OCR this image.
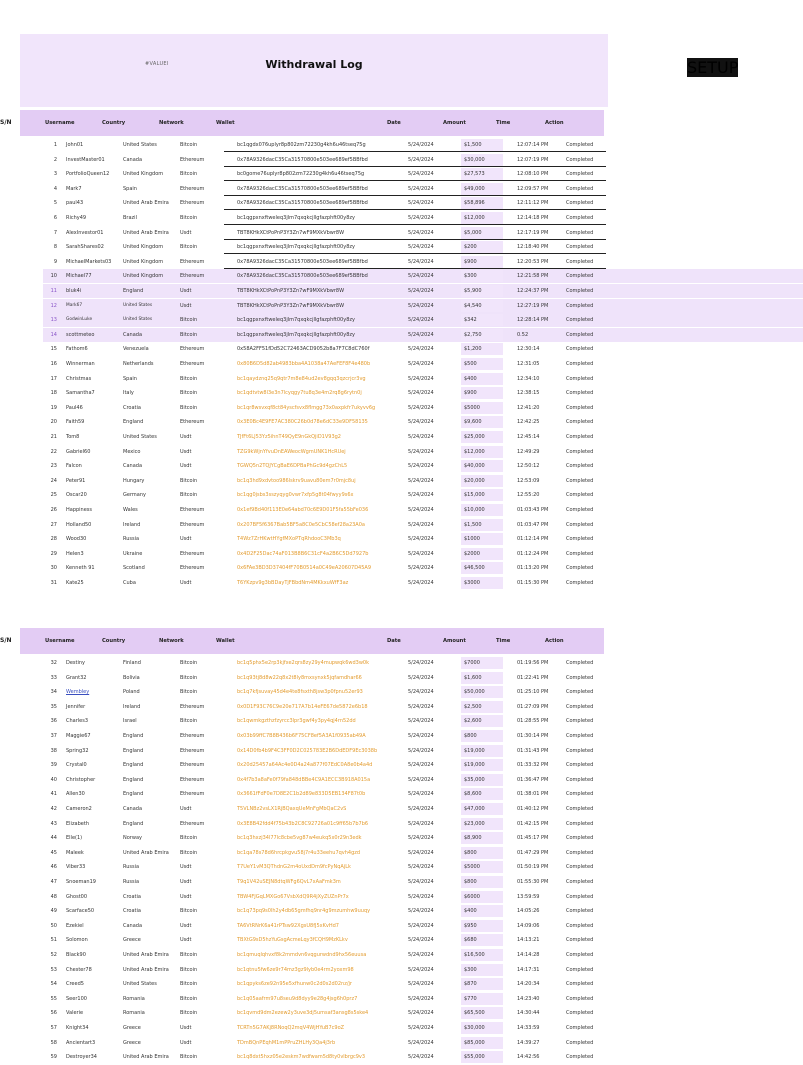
#VALUEI	Withdrawal Log	SETUP
S/N	Username	Country	Network	Wallet	Date	Amount	Time	Action
1 John01	United States	Bitcoin	bc1qgdx076uplyr8p802zm72230g4kh6u46tseq75g	5/24/2024	$1,500	12:07:14 PM	Completed
2 InvestMaster01	Canada	Ethereum	0x78A9326dacC35Ca31570800e503ee689ef5BBfbd	5/24/2024	$30,000	12:07:19 PM	Completed
3 PortfolioQueen12	United Kingdom	Bitcoin	bc0gome76uplyr8p802zm72230g4kh6u46tseq75g	5/24/2024	$27,573	12:08:10 PM	Completed
4 Mark7	Spain	Ethereum	0x78A9326dacC35Ca31570800e503ee689ef5BBfbd	5/24/2024	$49,000	12:09:57 PM	Completed
5 paul43	United Arab Emira	Ethereum	0x78A9326dacC35Ca31570800e503ee689ef5BBfbd	5/24/2024	$58,896	12:11:12 PM	Completed
6 Richy49	Brazil	Bitcoin	bc1qgpxnxftweleq3jlm7qxqkcjllgfazphft00y8zy	5/24/2024	$12,000	12:14:18 PM	Completed
7 AlexInvestor01	United Arab Emira	Usdt	TBT8KHkXCtPoPnP3Y3Zn7wF9MXkVbwr8W	5/24/2024	$5,000	12:17:19 PM	Completed
8 SarahShares02	United Kingdom	Bitcoin	bc1qgpxnxftweleq3jlm7qxqkcjllgfazphft00y8zy	5/24/2024	$200	12:18:40 PM	Completed
9 MichaelMarkets03	United Kingdom	Ethereum	0x78A9326dacC35Ca31570800e503ee689ef5BBfbd	5/24/2024	$900	12:20:53 PM	Completed
10 Michael77	United Kingdom	Ethereum	0x78A9326dacC35Ca31570800e503ee689ef5BBfbd	5/24/2024	$300	12:21:58 PM	Completed
11 bluk4i	England	Usdt	TBT8KHkXCtPoPnP3Y3Zn7wF9MXkVbwr8W	5/24/2024	$5,900	12:24:37 PM	Completed
12 Mark67	United States	Usdt	TBT8KHkXCtPoPnP3Y3Zn7wF9MXkVbwr8W	5/24/2024	$4,540	12:27:19 PM	Completed
13 GodwinLuke	United States	Bitcoin	bc1qgpxnxftweleq3jlm7qxqkcjllgfazphft00y8zy	5/24/2024	$342	12:28:14 PM	Completed
14 scottmeteo	Canada	Bitcoin	bc1qgpxnxftweleq3jlm7qxqkcjllgfazphft00y8zy	5/24/2024	$2,750	0.52	Completed
15 Fathom6	Venezuela	Ethereum	0x58A2FF51fDd52C72463ACD9052b8a7F7C8dC760f	5/24/2024	$1,200	12:30:14	Completed
16 Winnerman	Netherlands	Ethereum	0x80B6D5d82ab4983bba4A1038a47AeFEF8F4e480b	5/24/2024	$500	12:31:05	Completed
17 Christmas	Spain	Bitcoin	bc1qaydznq25q9qtr7m8e84ud2ev8gqq3qzcrjcr3vg	5/24/2024	$400	12:34:10	Completed
18 Samantha7	Italy	Bitcoin	bc1qdtvtw8l3e3n7lcyqgy7tu8q3e4m2rq8g6rytn0j	5/24/2024	$900	12:38:15	Completed
19 Paul46	Croatia	Bitcoin	bc1qr8wsvxqf8ct84yscfsvx8flmgg73x0axpkfr7ukyvv6g	5/24/2024	$5000	12:41:20	Completed
20 Faith59	England	Ethereum	0x3E0Bc4E9FE7AC380C26b0d78e6dC33e9DF58135	5/24/2024	$9,600	12:42:25	Completed
21 Tom8	United States	Usdt	TJfFt6LJ53Yz5ihnT49QyE9nGkQjiD1V93g2	5/24/2024	$25,000	12:45:14	Completed
22 Gabriel60	Mexico	Usdt	TZG9kWjnYfvuDnEAWeocWgmUNK1HcRUej	5/24/2024	$12,000	12:49:29	Completed
23 Falcon	Canada	Usdt	TGWQ5n2TQJYCgBaE6DPBaPhGc9d4gzChL5	5/24/2024	$40,000	12:50:12	Completed
24 Peter91	Hungary	Bitcoin	bc1q3hd9xdvtoo986lskrv9uavu80em7r0mjc8uj	5/24/2024	$20,000	12:53:09	Completed
25 Oscar20	Germany	Bitcoin	bc1qg0jsbs3sszyqyg0vwr7xfp5g8t04fwyy9s6x	5/24/2024	$15,000	12:55:20	Completed
26 Happiness	Wales	Ethereum	0x1ef9Bd40f113E0e64abd70c6E9D01F5fa55bFe036	5/24/2024	$10,000	01:03:43 PM	Completed
27 Holland50	Ireland	Ethereum	0x207BF5f6367Bab5BF5a8C0e5CbC58ef28a23A0a	5/24/2024	$1,500	01:03:47 PM	Completed
28 Wood30	Russia	Usdt	T4Wz7ZrHKwtHYgfMXoPTqRhdooC3Mb3q	5/24/2024	$1000	01:12:14 PM	Completed
29 Helen3	Ukraine	Ethereum	0x4D2F25Dac74aF013B8B6C31cF4a2B6C5Dd7927b	5/24/2024	$2000	01:12:24 PM	Completed
30 Kenneth 91	Scotland	Ethereum	0x6FAe3BD3D37404fF70B0514a0C49eA20607D45A9	5/24/2024	$46,500	01:13:20 PM	Completed
31 Kate25	Cuba	Usdt	T6YKzpv9g3bBDayTjFBbdNm4MKkxuWfF3az	5/24/2024	$3000	01:15:30 PM	Completed
S/N	Username	Country	Network	Wallet	Date	Amount	Time	Action
32 Destiny	Finland	Bitcoin	bc1q5phx5e2rp3kjfxe2qrs8zy29y4mupwqk6wd3w0k	5/24/2024	$7000	01:19:56 PM	Completed
33 Grant32	Bolivia	Bitcoin	bc1q93tj8d8w22q8x2t8ly8mxsynxk5jqfamdhar66	5/24/2024	$1,600	01:22:41 PM	Completed
34 Wembley	Poland	Bitcoin	bc1q7kfjsuvay45d4e4te8fsxth8jsw3p0fpnu52er93	5/24/2024	$50,000	01:25:10 PM	Completed
35 Jennifer	Ireland	Ethereum	0x0D1F93C76C9e20e717A7b14eFE67de5872e6b18	5/24/2024	$2,500	01:27:09 PM	Completed
36 Charles3	Israel	Bitcoin	bc1qwmkgzthzfzyrcc3lpr3gwf4y3py4qj4rn52dd	5/24/2024	$2,600	01:28:55 PM	Completed
37 Maggie67	England	Ethereum	0x03b99ffC7B8B436b6F75CF8ef5A3A1f0935ab49A	5/24/2024	$800	01:30:14 PM	Completed
38 Spring32	England	Ethereum	0x14D0fb4b9F4C3FF0D2C025783E2B6DdEDF9Ec3038b	5/24/2024	$19,000	01:31:43 PM	Completed
39 Crystal0	England	Ethereum	0x20d25457a64Ac4e0D4a24a877f07EdC0A8e0b4a4d	5/24/2024	$19,000	01:33:32 PM	Completed
40 Christopher	England	Ethereum	0x4f7b3a8aFe0f79fa848dBBe4C9A1ECC3B918A015a	5/24/2024	$35,000	01:36:47 PM	Completed
41 Allen30	England	Ethereum	0x3661fFdF0e7D8E2C1b2d89e833D5EB134F87t0b	5/24/2024	$8,600	01:38:01 PM	Completed
42 Cameron2	Canada	Usdt	T5VLNBz2vsLX1RjBQaxqUeMnFgMbQaC2vS	5/24/2024	$47,000	01:40:12 PM	Completed
43 Elizabeth	England	Ethereum	0x3E8B42fdd4f75b43b2C8C92726a01c9ff65b7b7b6	5/24/2024	$23,000	01:42:15 PM	Completed
44 Elle(1)	Norway	Bitcoin	bc1q3hxzj34l77lc8cbe5vg87w4eukq5x0r29n3edk	5/24/2024	$8,900	01:45:17 PM	Completed
45 Maleek	United Arab Emira	Bitcoin	bc1qa78s78d6hrcpkgvu58j7r4u33eehu7qvh4gzd	5/24/2024	$800	01:47:29 PM	Completed
46 Viber33	Russia	Usdt	T7UeY1vM3QThdnG2m4oUxdDm9fcPyNqAjLk	5/24/2024	$5000	01:50:19 PM	Completed
47 Snoeman19	Russia	Usdt	T9q1V42uSEJN8dtqWFg6QvL7xAaFmk3m	5/24/2024	$800	01:55:30 PM	Completed
48 Ghost00	Croatia	Usdt	TBW4FJGqLMXGo67VsbXdQ9R4jXyZUZnPr7x	5/24/2024	$6000	13:59:59	Completed
49 Scarface50	Croatia	Bitcoin	bc1q73pq9s0lh2y4db65gmfhq9nr4g9mzumhw9uuqy	5/24/2024	$400	14:05:26	Completed
50 Ezekiel	Canada	Usdt	TA6VtRNrK6a41rPTsw92XgsU8fJ5xKvHd7	5/24/2024	$950	14:09:06	Completed
51 Solomon	Greece	Usdt	TBXtG9sD5hzYuGsgAcmeLqy3fCQH9MzKLkv	5/24/2024	$680	14:13:21	Completed
52 Black90	United Arab Emira	Bitcoin	bc1qmuqlqhvxf8k2mmdvn6vqgurwdnd9hx56euusa	5/24/2024	$16,500	14:14:28	Completed
53 Chester78	United Arab Emira	Bitcoin	bc1qtnu5fw6ze9r74mz3gz9lyb0e4rm2yoxm98	5/24/2024	$300	14:17:31	Completed
54 Creed5	United States	Bitcoin	bc1qpyks6ze92n95e5xfhunw0c2d0s2d02nz/jr	5/24/2024	$870	14:20:34	Completed
55 Seer100	Romania	Bitcoin	bc1q05aafrm97u8seu9d8dyy9e28g4jsg6h0prz7	5/24/2024	$770	14:23:40	Completed
56 Valerie	Romania	Bitcoin	bc1qvmd9dm2ezew2y3uve3dj5umsaf3ansg8s5ske4	5/24/2024	$65,500	14:30:44	Completed
57 Knight34	Greece	Usdt	TCRTn5G7AKj8RNoqQ2mqV4WjHYuB7c9oZ	5/24/2024	$30,000	14:33:59	Completed
58 Ancientart3	Greece	Usdt	TDmBQnPEqhM1mPPruZHLHy3Qa4j3rb	5/24/2024	$85,000	14:39:27	Completed
59 Destroyer34	United Arab Emira	Bitcoin	bc1q8dxt5hxz05e2eskm7wdfwam5d8ty0vlbrgc9v3	5/24/2024	$55,000	14:42:56	Completed
